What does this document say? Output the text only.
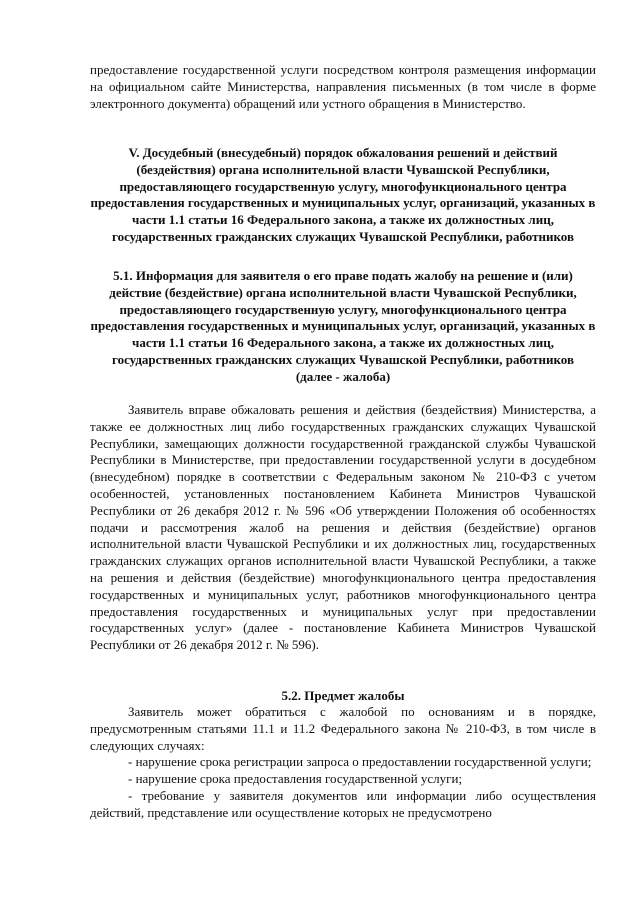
предоставление государственной услуги посредством контроля размещения информации на официальном сайте Министерства, направления письменных (в том числе в форме электронного документа) обращений или устного обращения в Министерство.

V. Досудебный (внесудебный) порядок обжалования решений и действий (бездействия) органа исполнительной власти Чувашской Республики, предоставляющего государственную услугу, многофункционального центра предоставления государственных и муниципальных услуг, организаций, указанных в части 1.1 статьи 16 Федерального закона, а также их должностных лиц, государственных гражданских служащих Чувашской Республики, работников

5.1. Информация для заявителя о его праве подать жалобу на решение и (или) действие (бездействие) органа исполнительной власти Чувашской Республики, предоставляющего государственную услугу, многофункционального центра предоставления государственных и муниципальных услуг, организаций, указанных в части 1.1 статьи 16 Федерального закона, а также их должностных лиц, государственных гражданских служащих Чувашской Республики, работников

(далее - жалоба)

Заявитель вправе обжаловать решения и действия (бездействия) Министерства, а также ее должностных лиц либо государственных гражданских служащих Чувашской Республики, замещающих должности государственной гражданской службы Чувашской Республики в Министерстве, при предоставлении государственной услуги в досудебном (внесудебном) порядке в соответствии с Федеральным законом № 210-ФЗ с учетом особенностей, установленных постановлением Кабинета Министров Чувашской Республики от 26 декабря 2012 г. № 596 «Об утверждении Положения об особенностях подачи и рассмотрения жалоб на решения и действия (бездействие) органов исполнительной власти Чувашской Республики и их должностных лиц, государственных гражданских служащих органов исполнительной власти Чувашской Республики, а также на решения и действия (бездействие) многофункционального центра предоставления государственных и муниципальных услуг, работников многофункционального центра предоставления государственных и муниципальных услуг при предоставлении государственных услуг» (далее - постановление Кабинета Министров Чувашской Республики от 26 декабря 2012 г. № 596).

5.2. Предмет жалобы

Заявитель может обратиться с жалобой по основаниям и в порядке, предусмотренным статьями 11.1 и 11.2 Федерального закона № 210-ФЗ, в том числе в следующих случаях:

- нарушение срока регистрации запроса о предоставлении государственной услуги;

- нарушение срока предоставления государственной услуги;

- требование у заявителя документов или информации либо осуществления действий, представление или осуществление которых не предусмотрено
